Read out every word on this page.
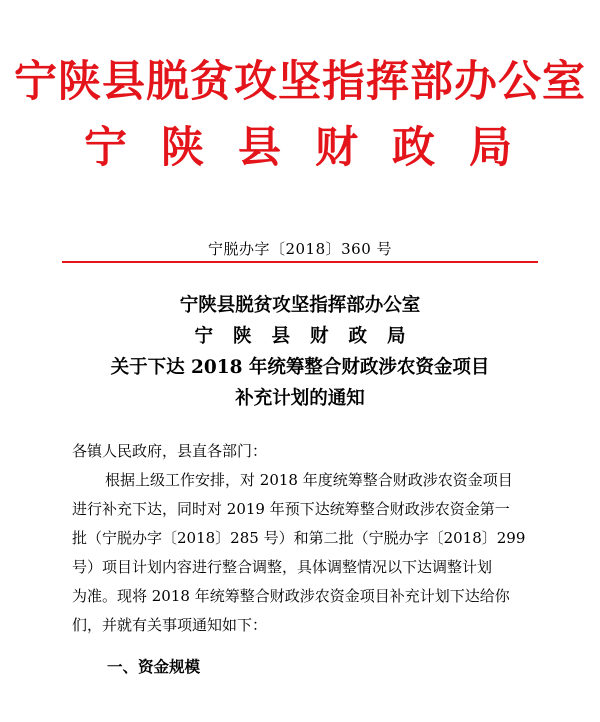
宁陕县脱贫攻坚指挥部办公室
宁陕县财政局
宁脱办字〔2018〕360 号
宁陕县脱贫攻坚指挥部办公室
宁陕县财政局
关于下达 2018 年统筹整合财政涉农资金项目
补充计划的通知
各镇人民政府，县直各部门：
根据上级工作安排，对 2018 年度统筹整合财政涉农资金项目
进行补充下达，同时对 2019 年预下达统筹整合财政涉农资金第一
批（宁脱办字〔2018〕285 号）和第二批（宁脱办字〔2018〕299
号）项目计划内容进行整合调整，具体调整情况以下达调整计划
为准。现将 2018 年统筹整合财政涉农资金项目补充计划下达给你
们，并就有关事项通知如下：
一、资金规模
